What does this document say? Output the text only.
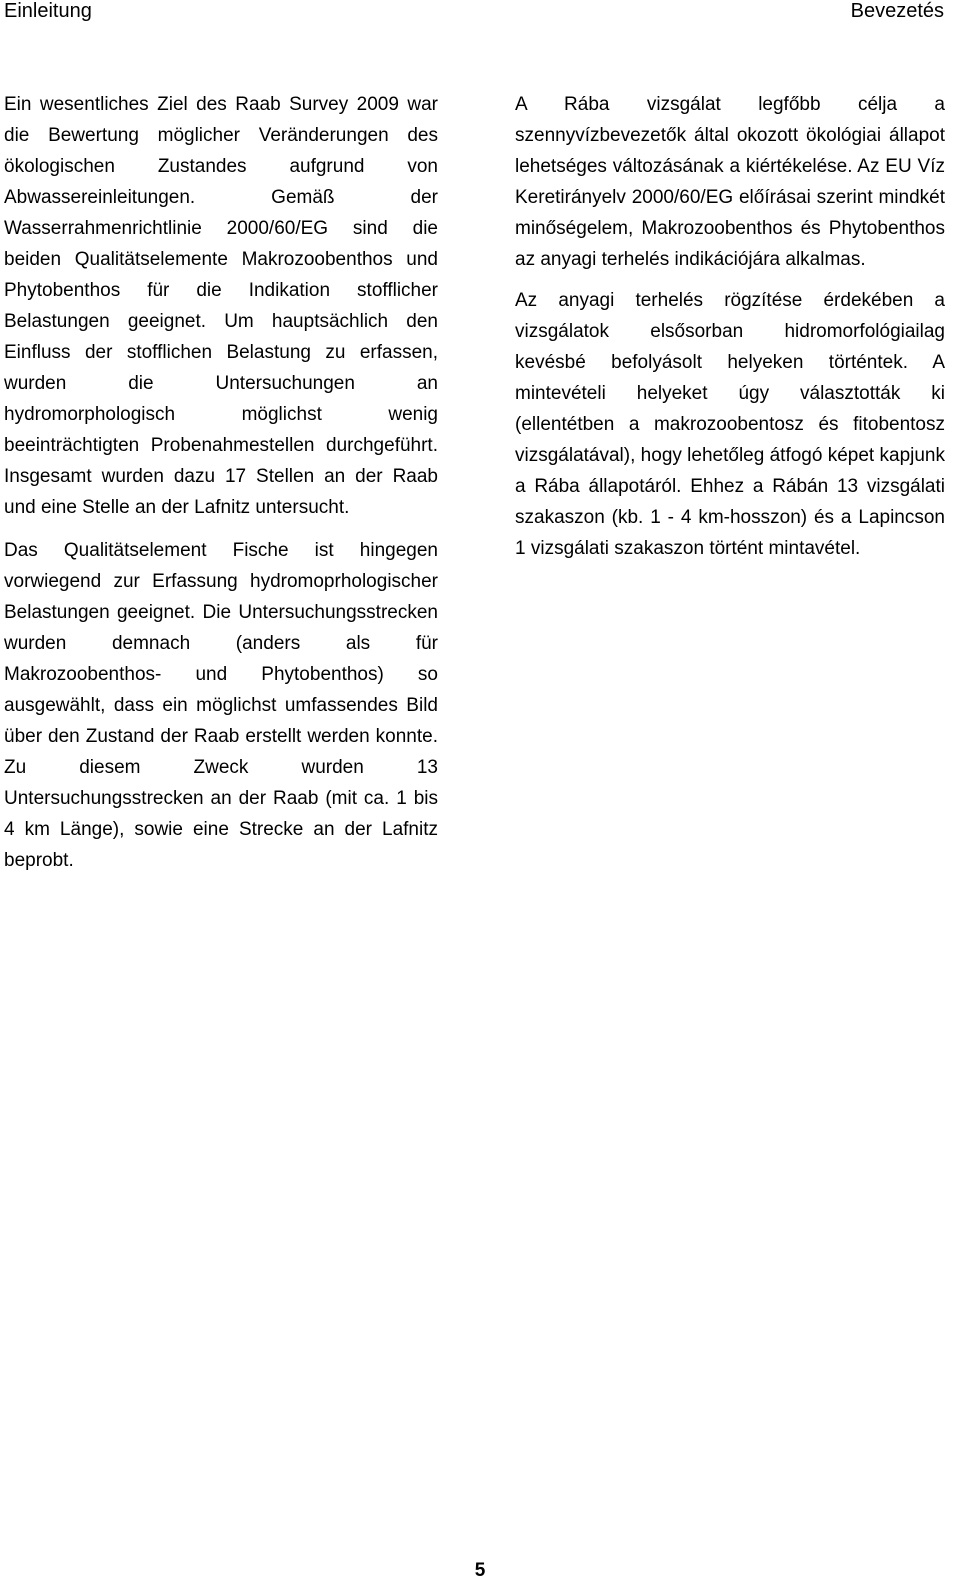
Einleitung	Bevezetés

Ein wesentliches Ziel des Raab Survey 2009 war die Bewertung möglicher Veränderungen des ökologischen Zustandes aufgrund von Abwassereinleitungen. Gemäß der Wasserrahmenrichtlinie 2000/60/EG sind die beiden Qualitätselemente Makrozoobenthos und Phytobenthos für die Indikation stofflicher Belastungen geeignet. Um hauptsächlich den Einfluss der stofflichen Belastung zu erfassen, wurden die Untersuchungen an hydromorphologisch möglichst wenig beeinträchtigten Probenahmestellen durchgeführt. Insgesamt wurden dazu 17 Stellen an der Raab und eine Stelle an der Lafnitz untersucht.

Das Qualitätselement Fische ist hingegen vorwiegend zur Erfassung hydromoprhologischer Belastungen geeignet. Die Untersuchungsstrecken wurden demnach (anders als für Makrozoobenthos- und Phytobenthos) so ausgewählt, dass ein möglichst umfassendes Bild über den Zustand der Raab erstellt werden konnte. Zu diesem Zweck wurden 13 Untersuchungsstrecken an der Raab (mit ca. 1 bis 4 km Länge), sowie eine Strecke an der Lafnitz beprobt.

A Rába vizsgálat legfőbb célja a szennyvízbevezetők által okozott ökológiai állapot lehetséges változásának a kiértékelése. Az EU Víz Keretirányelv 2000/60/EG előírásai szerint mindkét minőségelem, Makrozoobenthos és Phytobenthos az anyagi terhelés indikációjára alkalmas.

Az anyagi terhelés rögzítése érdekében a vizsgálatok elsősorban hidromorfológiailag kevésbé befolyásolt helyeken történtek. A mintevételi helyeket úgy választották ki (ellentétben a makrozoobentosz és fitobentosz vizsgálatával), hogy lehetőleg átfogó képet kapjunk a Rába állapotáról. Ehhez a Rábán 13 vizsgálati szakaszon (kb. 1 - 4 km-hosszon) és a Lapincson 1 vizsgálati szakaszon történt mintavétel.

5
